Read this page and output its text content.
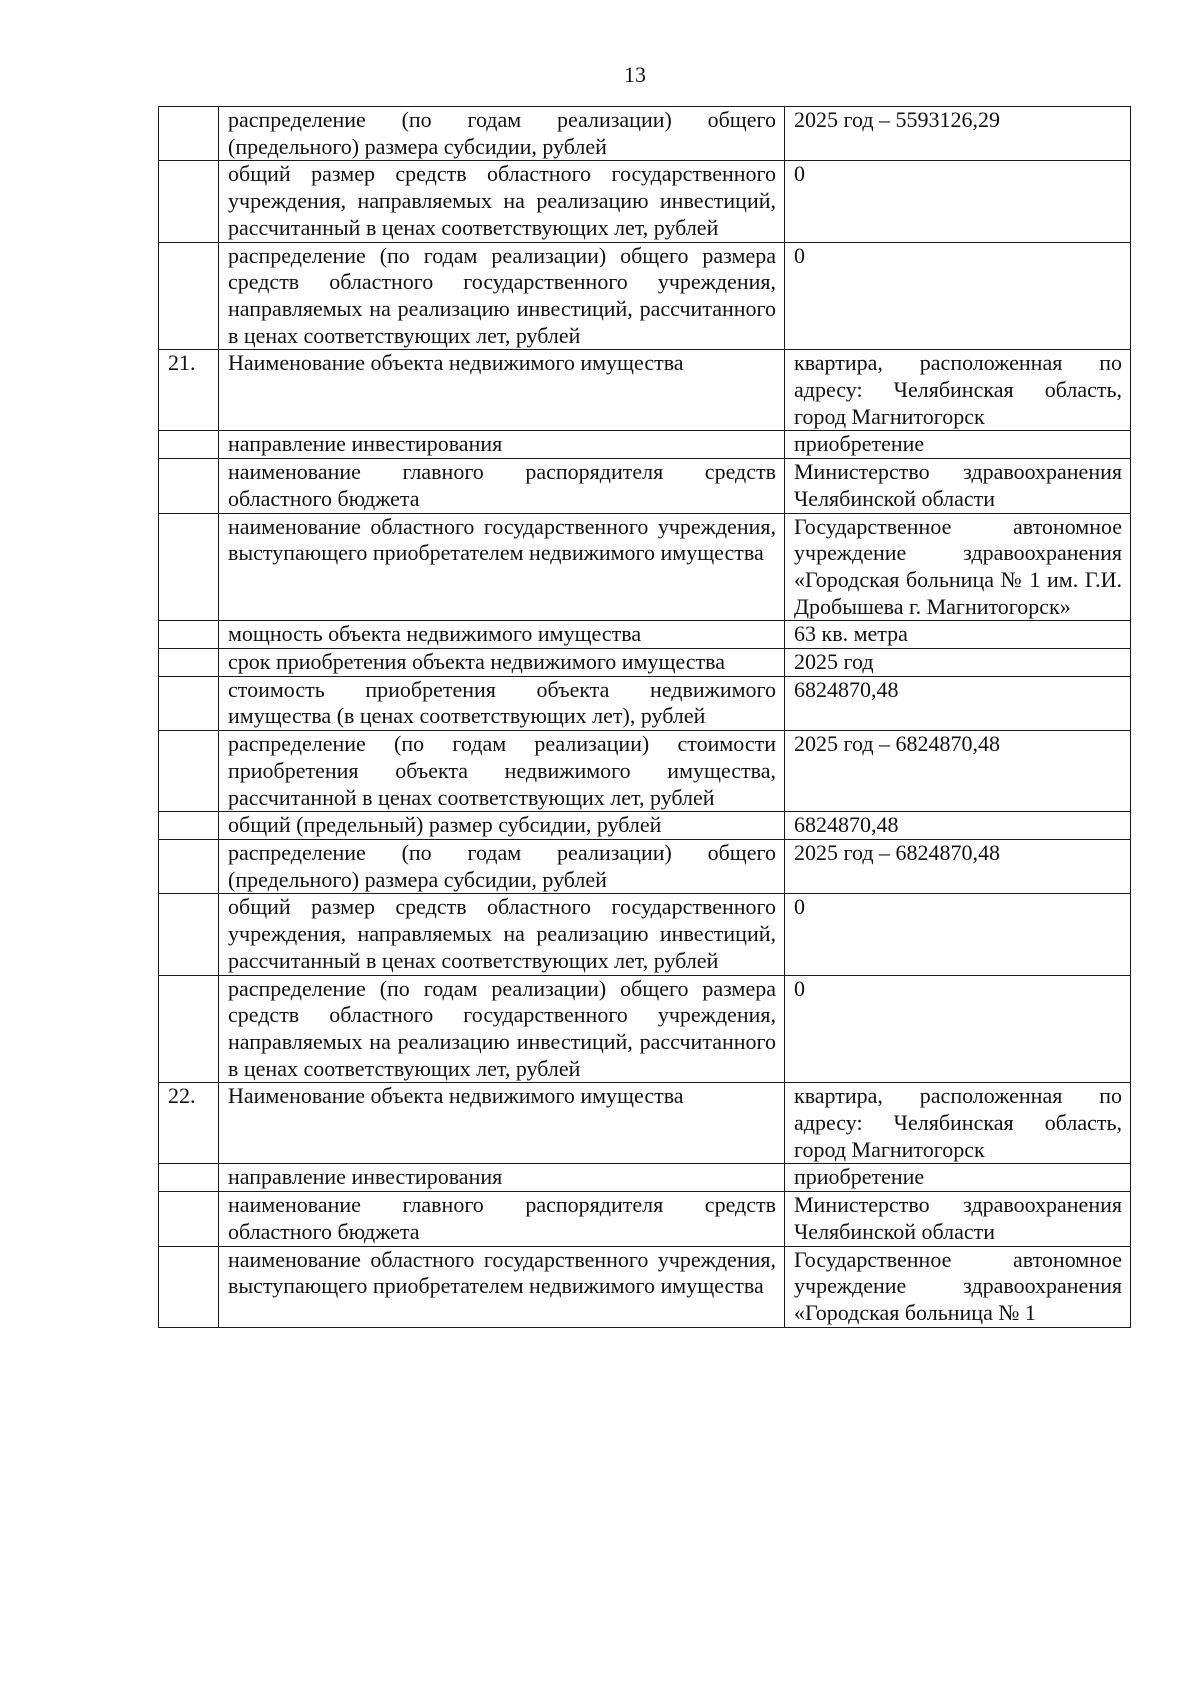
13
	распределение (по годам реализации) общего (предельного) размера субсидии, рублей	2025 год – 5593126,29
	общий размер средств областного государственного учреждения, направляемых на реализацию инвестиций, рассчитанный в ценах соответствующих лет, рублей	0
	распределение (по годам реализации) общего размера средств областного государственного учреждения, направляемых на реализацию инвестиций, рассчитанного в ценах соответствующих лет, рублей	0
21.	Наименование объекта недвижимого имущества	квартира, расположенная по адресу: Челябинская область, город Магнитогорск
	направление инвестирования	приобретение
	наименование главного распорядителя средств областного бюджета	Министерство здравоохранения Челябинской области
	наименование областного государственного учреждения, выступающего приобретателем недвижимого имущества	Государственное автономное учреждение здравоохранения «Городская больница № 1 им. Г.И. Дробышева г. Магнитогорск»
	мощность объекта недвижимого имущества	63 кв. метра
	срок приобретения объекта недвижимого имущества	2025 год
	стоимость приобретения объекта недвижимого имущества (в ценах соответствующих лет), рублей	6824870,48
	распределение (по годам реализации) стоимости приобретения объекта недвижимого имущества, рассчитанной в ценах соответствующих лет, рублей	2025 год – 6824870,48
	общий (предельный) размер субсидии, рублей	6824870,48
	распределение (по годам реализации) общего (предельного) размера субсидии, рублей	2025 год – 6824870,48
	общий размер средств областного государственного учреждения, направляемых на реализацию инвестиций, рассчитанный в ценах соответствующих лет, рублей	0
	распределение (по годам реализации) общего размера средств областного государственного учреждения, направляемых на реализацию инвестиций, рассчитанного в ценах соответствующих лет, рублей	0
22.	Наименование объекта недвижимого имущества	квартира, расположенная по адресу: Челябинская область, город Магнитогорск
	направление инвестирования	приобретение
	наименование главного распорядителя средств областного бюджета	Министерство здравоохранения Челябинской области
	наименование областного государственного учреждения, выступающего приобретателем недвижимого имущества	Государственное автономное учреждение здравоохранения «Городская больница № 1
